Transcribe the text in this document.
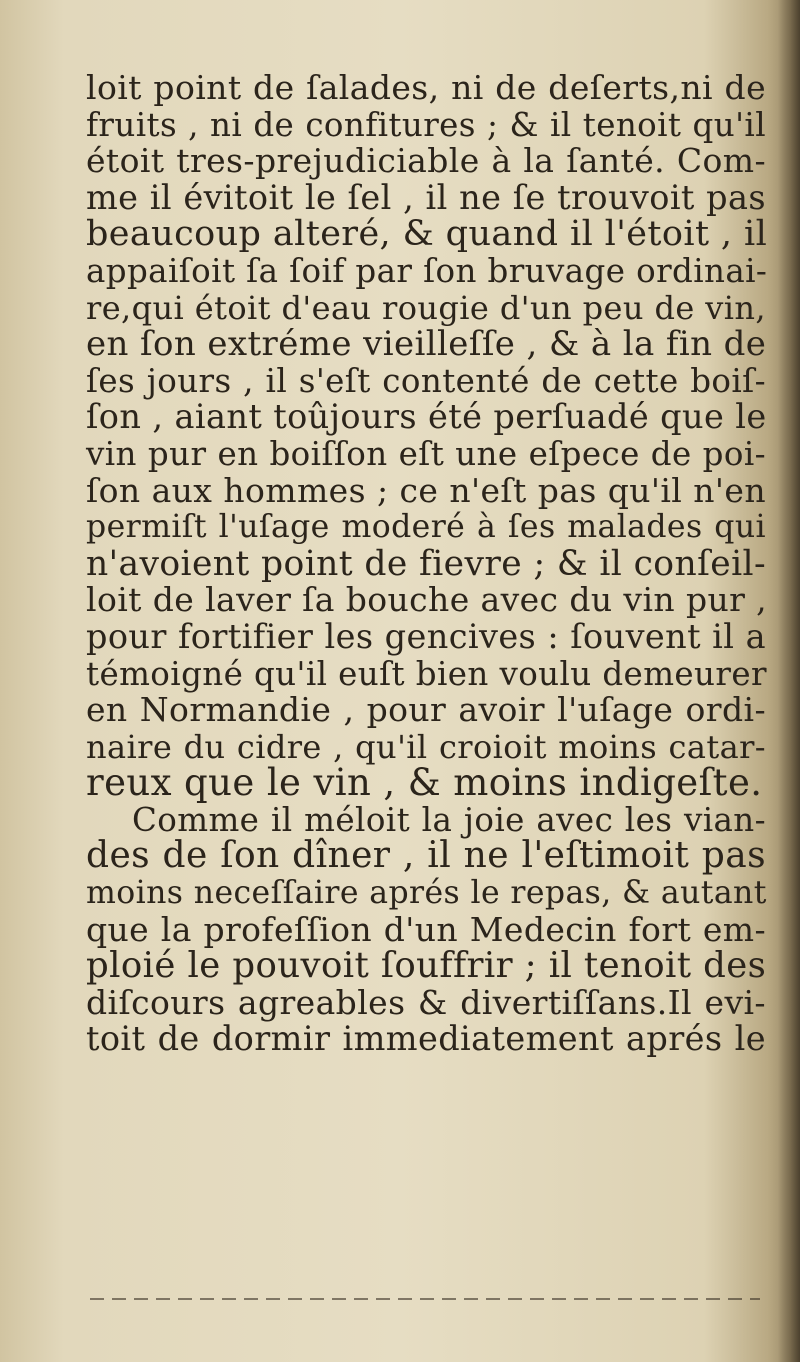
loit point de ſalades, ni de deſerts,ni de
fruits , ni de confitures ; & il tenoit qu'il
étoit tres-prejudiciable à la ſanté. Com-
me il évitoit le ſel , il ne ſe trouvoit pas
beaucoup alteré, & quand il l'étoit , il
appaiſoit ſa ſoif par ſon bruvage ordinai-
re,qui étoit d'eau rougie d'un peu de vin,
en ſon extréme vieilleſſe , & à la fin de
ſes jours , il s'eſt contenté de cette boiſ-
ſon , aiant toûjours été perſuadé que le
vin pur en boiſſon eſt une eſpece de poi-
ſon aux hommes ; ce n'eſt pas qu'il n'en
permiſt l'uſage moderé à ſes malades qui
n'avoient point de fievre ; & il conſeil-
loit de laver ſa bouche avec du vin pur ,
pour fortifier les gencives : ſouvent il a
témoigné qu'il euſt bien voulu demeurer
en Normandie , pour avoir l'uſage ordi-
naire du cidre , qu'il croioit moins catar-
reux que le vin , & moins indigeſte.
Comme il méloit la joie avec les vian-
des de ſon dîner , il ne l'eſtimoit pas
moins neceſſaire aprés le repas, & autant
que la profeſſion d'un Medecin fort em-
ploié le pouvoit ſouffrir ; il tenoit des
diſcours agreables & divertiſſans.Il evi-
toit de dormir immediatement aprés le
